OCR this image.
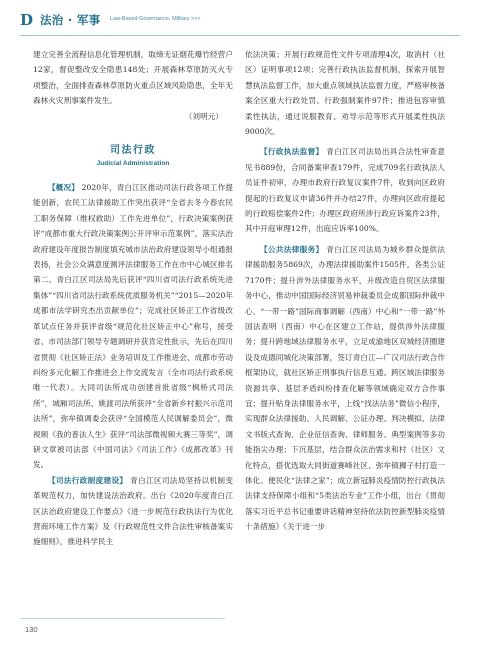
D 法治 · 军事 Law-Based Governance, Military >>>

建立完善全流程信息化管理机制，取缔无证烟花爆竹经营户12家，督促整改安全隐患148处；开展森林草原防灭火专项整治，全面排查森林草原防火重点区域风险隐患，全年无森林火灾刑事案件发生。

（刘明元）

司法行政
Judicial Administration

【概况】 2020年，青白江区推动司法行政各项工作提能创新，农民工法律援助工作突出获评“全省去冬今春农民工职务保障（维权救助）工作先进单位”，行政决策案例获评“成都市重大行政决策案例公开评审示范案例”，落实法治政府建设年度报告制度填充城市法治政府建设领导小组通报表扬，社会公众满意度测评法律服务工作在市中心城区排名第二。青白江区司法局先后获评“四川省司法行政系统先进集体”“四川省司法行政系统优质服务机关”“2015—2020年成都市法学研究杰出贡献单位”；完成社区矫正工作省级改革试点任务并获评省级“规范化社区矫正中心”称号，接受省、市司法部门领导专题调研并获肯定性批示，先后在四川省贯彻《社区矫正法》业务培训及工作推进会、成都市劳动纠纷多元化解工作推进会上作交流发言（全市司法行政系统唯一代表）。大同司法所成功创建首批省级“枫桥式司法所”，城厢司法所、姚渡司法所获评“全省新乡村振兴示范司法所”，弥牟镇调委会获评“全国模范人民调解委员会”，微视频《我的普法人生》获评“司法部微视频大赛三等奖”，调研文章被司法部《中国司法》《司法工作》《成都改革》刊发。

【司法行政制度建设】 青白江区司法局坚持以机制变革规范权力，加快建设法治政府。出台《2020年度青白江区法治政府建设工作要点》《进一步规范行政执法行为优化营商环境工作方案》及《行政规范性文件合法性审核备案实施细则》，推进科学民主

依法决策；开展行政规范性文件专项清理4次，取消村（社区）证明事项12项；完善行政执法监督机制，探索开展智慧执法监督工作，加大重点领域执法监督力度，严格审核备案全区重大行政处罚、行政强制案件97件；推进包容审慎柔性执法，通过说服教育、劝导示范等形式开展柔性执法9000次。

【行政执法监督】 青白江区司法局出具合法性审查意见书889份，合同备案审查179件，完成709名行政执法人员证件初审，办理市政府行政复议案件7件，收到向区政府提起的行政复议申请36件并办结27件，办理向区政府提起的行政赔偿案件2件；办理区政府所涉行政应诉案件23件，其中开庭审理12件，出庭应诉率100%。

【公共法律服务】 青白江区司法局为城乡群众提供法律援助服务5869次，办理法律援助案件1505件，各类公证7170件；提升涉外法律服务水平，升级改造自贸区法律服务中心，推动中国国际经济贸易仲裁委员会成都国际仲裁中心、“一带一路”国际商事调解（西南）中心和“一带一路”外国法查明（西南）中心在区建立工作站，提供涉外法律服务；提升跨地域法律服务水平，立足成渝地区双城经济圈建设及成德同城化决策部署，签订青白江—广汉司法行政合作框架协议，就社区矫正刑事执行信息互通、跨区域法律服务资源共享、基层矛盾纠纷排查化解等领域确定双方合作事宜；提升贴身法律服务水平，上线“找法法务”微信小程序，实现群众法律援助、人民调解、公证办理、判决模拟、法律文书版式查询、企业征信查询、律师服务、典型案例等多功能指尖办理；下沉基层，结合群众法治需求和村（社区）文化特点，搭优选取大同街道赛峰社区、弥牟镇狮子村打造一体化、便民化“法律之家”；成立新冠肺炎疫情防控行政执法法律支持保障小组和“5类法治专业”工作小组，出台《贯彻落实习近平总书记重要讲话精神坚持依法防控新型肺炎疫情十条措施》《关于进一步

130
